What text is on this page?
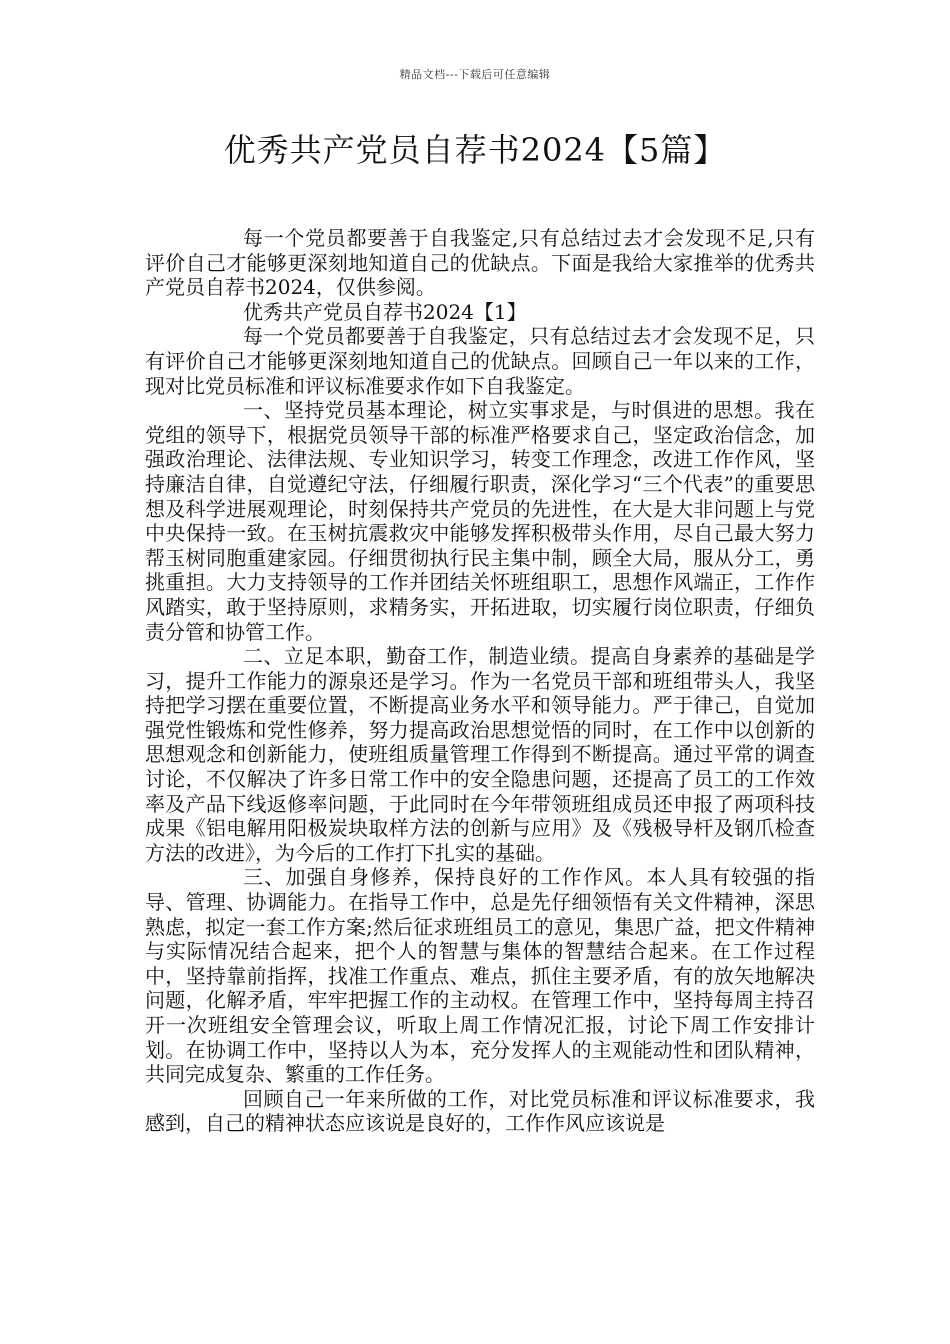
精品文档---下载后可任意编辑
优秀共产党员自荐书2024【5篇】

每一个党员都要善于自我鉴定,只有总结过去才会发现不足,只有评价自己才能够更深刻地知道自己的优缺点。下面是我给大家推举的优秀共产党员自荐书2024，仅供参阅。

优秀共产党员自荐书2024【1】

每一个党员都要善于自我鉴定，只有总结过去才会发现不足，只有评价自己才能够更深刻地知道自己的优缺点。回顾自己一年以来的工作，现对比党员标准和评议标准要求作如下自我鉴定。

一、坚持党员基本理论，树立实事求是，与时俱进的思想。我在党组的领导下，根据党员领导干部的标准严格要求自己，坚定政治信念，加强政治理论、法律法规、专业知识学习，转变工作理念，改进工作作风，坚持廉洁自律，自觉遵纪守法，仔细履行职责，深化学习“三个代表”的重要思想及科学进展观理论，时刻保持共产党员的先进性，在大是大非问题上与党中央保持一致。在玉树抗震救灾中能够发挥积极带头作用，尽自己最大努力帮玉树同胞重建家园。仔细贯彻执行民主集中制，顾全大局，服从分工，勇挑重担。大力支持领导的工作并团结关怀班组职工，思想作风端正，工作作风踏实，敢于坚持原则，求精务实，开拓进取，切实履行岗位职责，仔细负责分管和协管工作。

二、立足本职，勤奋工作，制造业绩。提高自身素养的基础是学习，提升工作能力的源泉还是学习。作为一名党员干部和班组带头人，我坚持把学习摆在重要位置，不断提高业务水平和领导能力。严于律己，自觉加强党性锻炼和党性修养，努力提高政治思想觉悟的同时，在工作中以创新的思想观念和创新能力，使班组质量管理工作得到不断提高。通过平常的调查讨论，不仅解决了许多日常工作中的安全隐患问题，还提高了员工的工作效率及产品下线返修率问题，于此同时在今年带领班组成员还申报了两项科技成果《铝电解用阳极炭块取样方法的创新与应用》及《残极导杆及钢爪检查方法的改进》，为今后的工作打下扎实的基础。

三、加强自身修养，保持良好的工作作风。本人具有较强的指导、管理、协调能力。在指导工作中，总是先仔细领悟有关文件精神，深思熟虑，拟定一套工作方案;然后征求班组员工的意见，集思广益，把文件精神与实际情况结合起来，把个人的智慧与集体的智慧结合起来。在工作过程中，坚持靠前指挥，找准工作重点、难点，抓住主要矛盾，有的放矢地解决问题，化解矛盾，牢牢把握工作的主动权。在管理工作中，坚持每周主持召开一次班组安全管理会议，听取上周工作情况汇报，讨论下周工作安排计划。在协调工作中，坚持以人为本，充分发挥人的主观能动性和团队精神，共同完成复杂、繁重的工作任务。

回顾自己一年来所做的工作，对比党员标准和评议标准要求，我感到，自己的精神状态应该说是良好的，工作作风应该说是
